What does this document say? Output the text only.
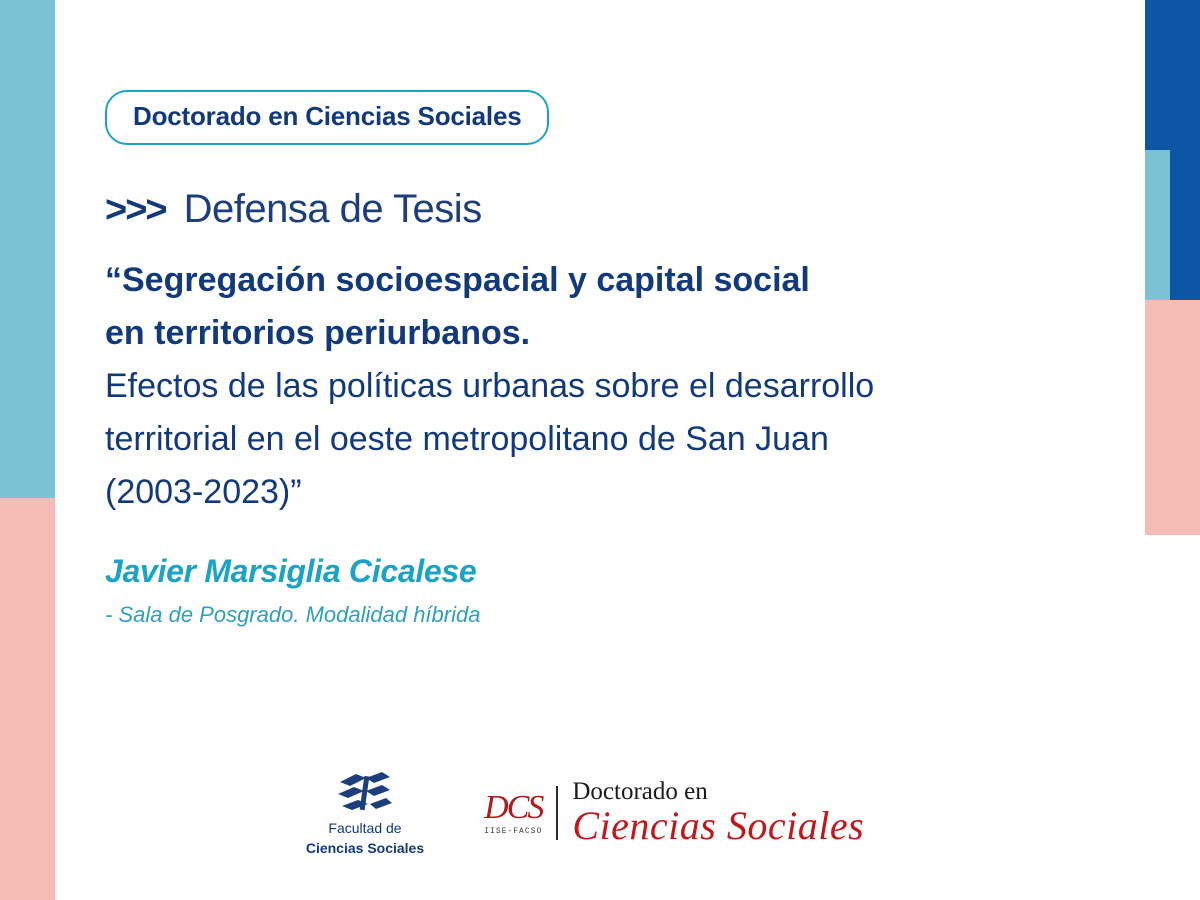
Doctorado en Ciencias Sociales
>>> Defensa de Tesis
“Segregación socioespacial y capital social
en territorios periurbanos.
Efectos de las políticas urbanas sobre el desarrollo
territorial en el oeste metropolitano de San Juan
(2003-2023)”
Javier Marsiglia Cicalese
- Sala de Posgrado. Modalidad híbrida
Facultad de
Ciencias Sociales
DCS
IISE-FACSO
Doctorado en
Ciencias Sociales
